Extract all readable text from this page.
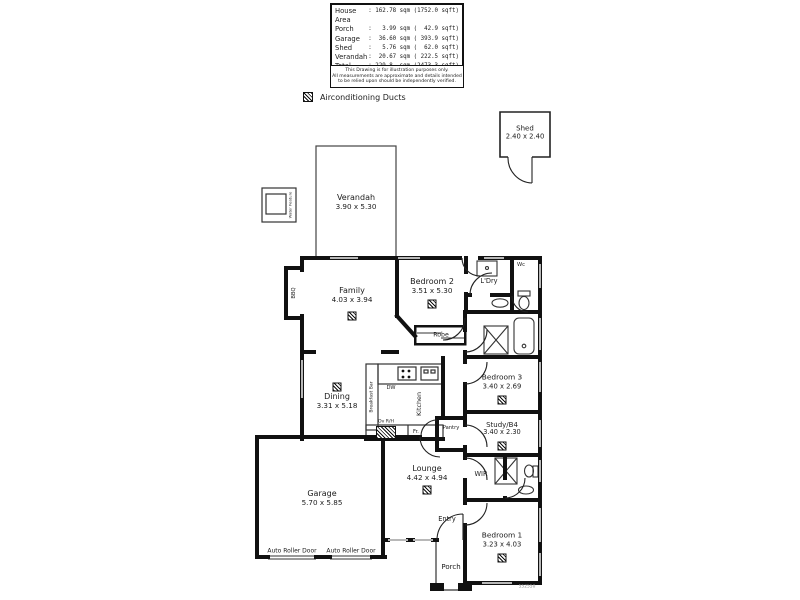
House Area
: 162.78 sqm (1752.0 sqft)
Porch	:   3.99 sqm (  42.9 sqft)
Garage	:  36.60 sqm ( 393.9 sqft)
Shed	:   5.76 sqm (  62.0 sqft)
Verandah :  20.67 sqm ( 222.5 sqft)
This Drawing is for illustration purposes only.
All measurements are approximate and details intended
to be relied upon should be independently verified.
Airconditioning Ducts
Shed
2.40 x 2.40
Verandah
3.90 x 5.30
Family
4.03 x 3.94
Bedroom 2
3.51 x 5.30
Dining
3.31 x 5.18
Bedroom 3
3.40 x 2.69
Study/B4
3.40 x 2.30
Lounge
4.42 x 4.94
Bedroom 1
3.23 x 4.03
Garage
5.70 x 5.85
Robe
L'Dry
Wc
WIR
Kitchen
Breakfast Bar DW
Ov R/H
Fr.
Pantry
Entry
Porch
BBQ
Water Feature
Auto Roller Door Auto Roller Door
552550
